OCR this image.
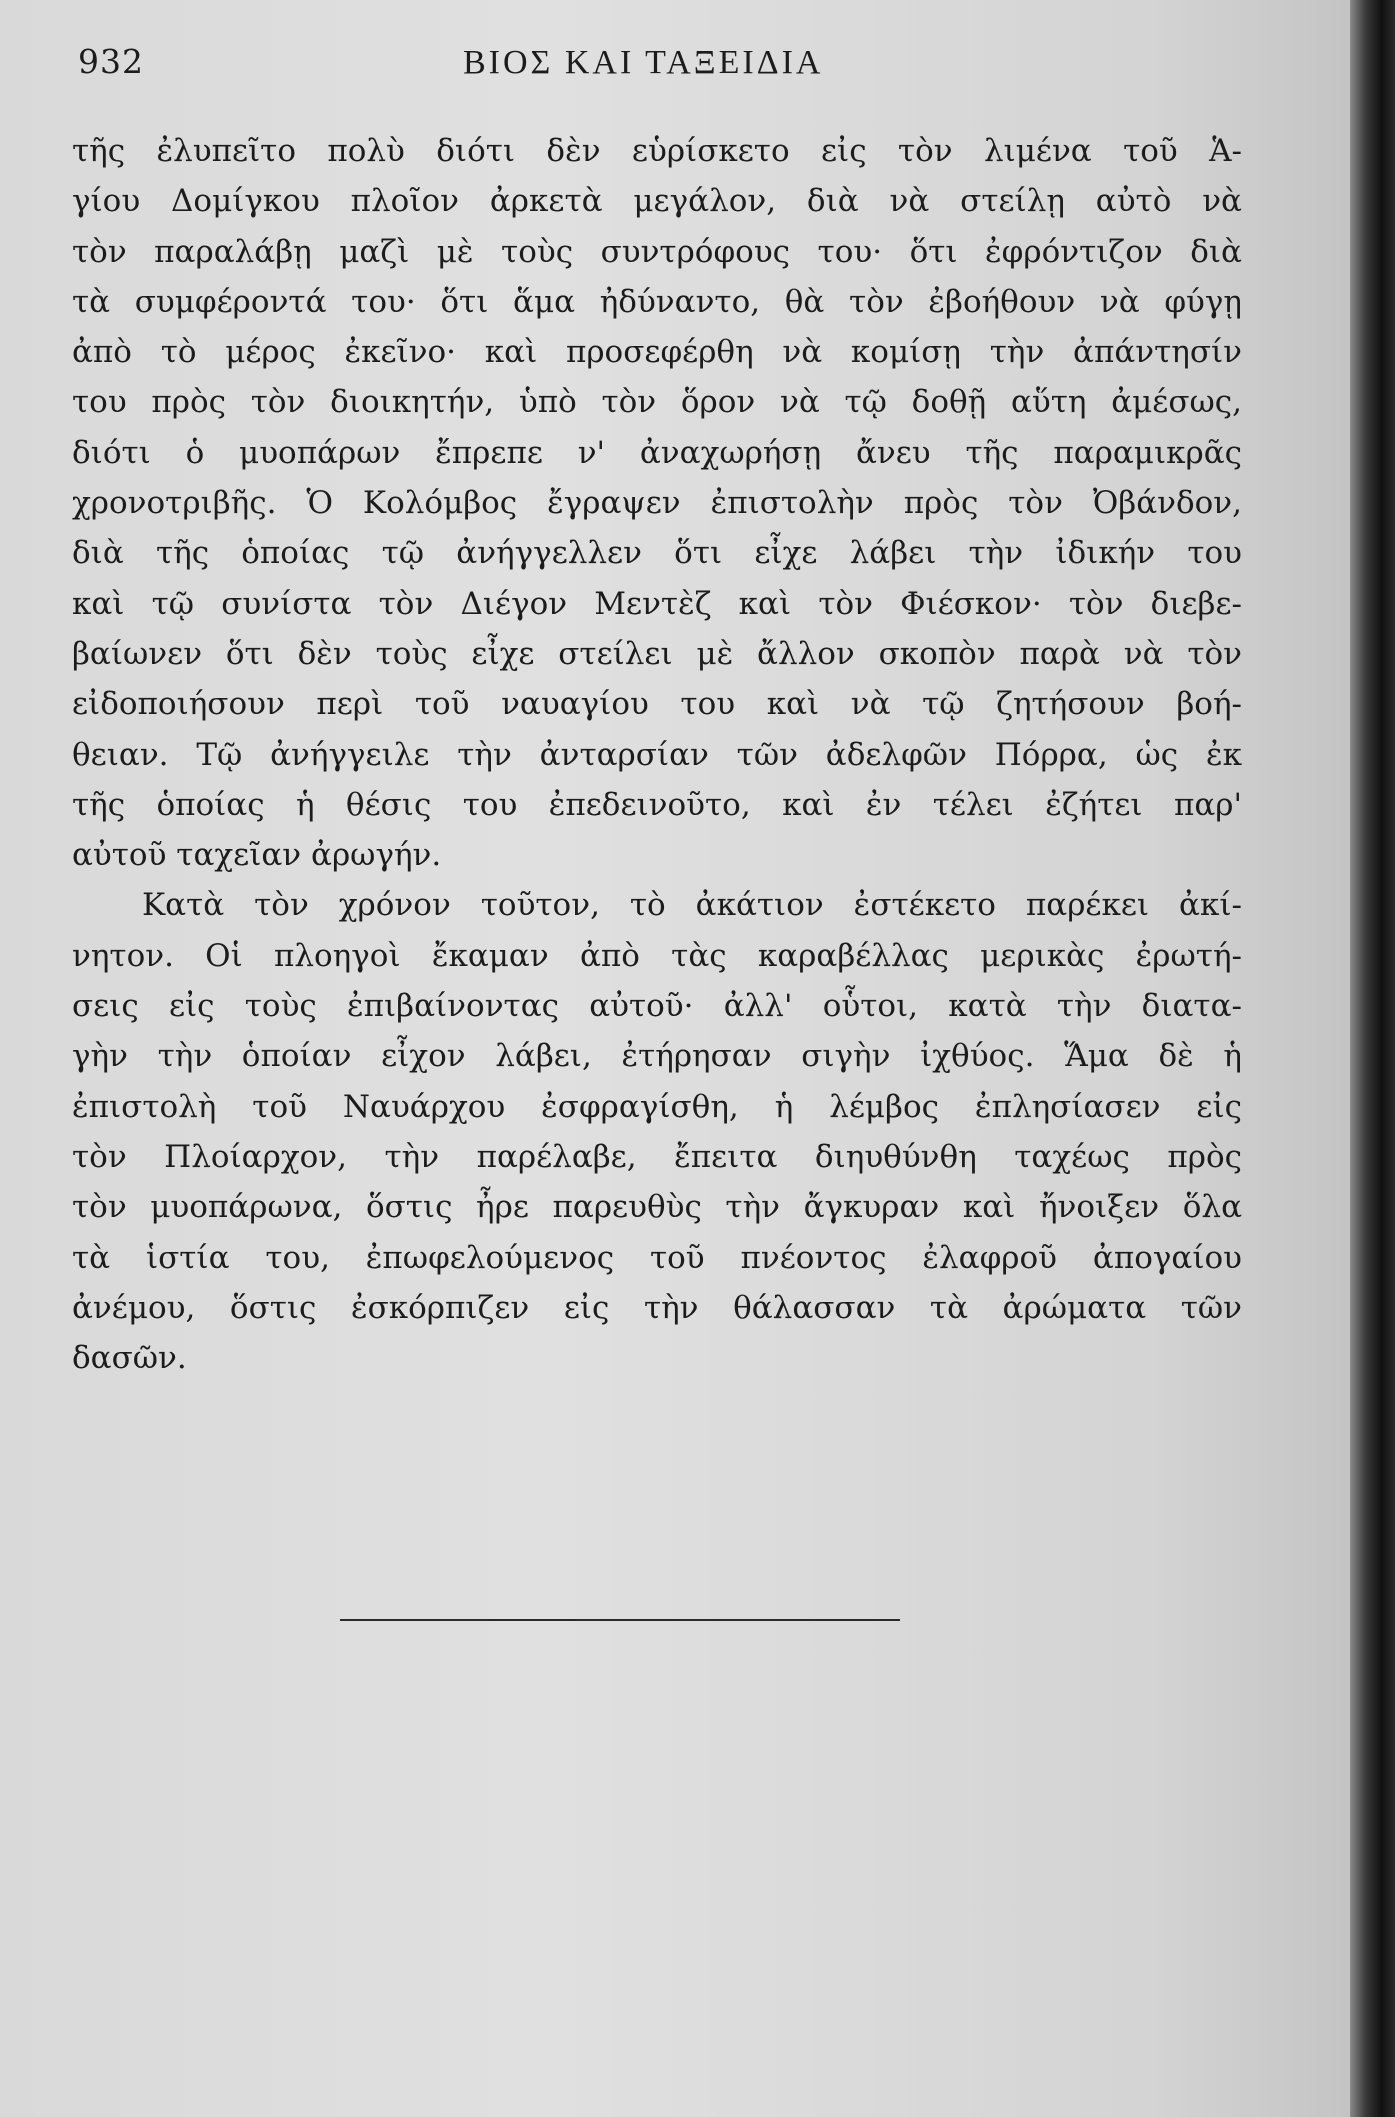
932	ΒΙΟΣ ΚΑΙ ΤΑΞΕΙΔΙΑ
τῆς ἐλυπεῖτο πολὺ διότι δὲν εὑρίσκετο εἰς τὸν λιμένα τοῦ Ἁ-
γίου Δομίγκου πλοῖον ἀρκετὰ μεγάλον, διὰ νὰ στείλῃ αὐτὸ νὰ
τὸν παραλάβῃ μαζὶ μὲ τοὺς συντρόφους του· ὅτι ἐφρόντιζον διὰ
τὰ συμφέροντά του· ὅτι ἅμα ἠδύναντο, θὰ τὸν ἐβοήθουν νὰ φύγῃ
ἀπὸ τὸ μέρος ἐκεῖνο· καὶ προσεφέρθη νὰ κομίσῃ τὴν ἀπάντησίν
του πρὸς τὸν διοικητήν, ὑπὸ τὸν ὅρον νὰ τῷ δοθῇ αὕτη ἀμέσως,
διότι ὁ μυοπάρων ἔπρεπε ν' ἀναχωρήσῃ ἄνευ τῆς παραμικρᾶς
χρονοτριβῆς. Ὁ Κολόμβος ἔγραψεν ἐπιστολὴν πρὸς τὸν Ὀβάνδον,
διὰ τῆς ὁποίας τῷ ἀνήγγελλεν ὅτι εἶχε λάβει τὴν ἰδικήν του
καὶ τῷ συνίστα τὸν Διέγον Μεντὲζ καὶ τὸν Φιέσκον· τὸν διεβε-
βαίωνεν ὅτι δὲν τοὺς εἶχε στείλει μὲ ἄλλον σκοπὸν παρὰ νὰ τὸν
εἰδοποιήσουν περὶ τοῦ ναυαγίου του καὶ νὰ τῷ ζητήσουν βοή-
θειαν. Τῷ ἀνήγγειλε τὴν ἀνταρσίαν τῶν ἀδελφῶν Πόρρα, ὡς ἐκ
τῆς ὁποίας ἡ θέσις του ἐπεδεινοῦτο, καὶ ἐν τέλει ἐζήτει παρ'
αὐτοῦ ταχεῖαν ἀρωγήν.
Κατὰ τὸν χρόνον τοῦτον, τὸ ἀκάτιον ἐστέκετο παρέκει ἀκί-
νητον. Οἱ πλοηγοὶ ἔκαμαν ἀπὸ τὰς καραβέλλας μερικὰς ἐρωτή-
σεις εἰς τοὺς ἐπιβαίνοντας αὐτοῦ· ἀλλ' οὗτοι, κατὰ τὴν διατα-
γὴν τὴν ὁποίαν εἶχον λάβει, ἐτήρησαν σιγὴν ἰχθύος. Ἅμα δὲ ἡ
ἐπιστολὴ τοῦ Ναυάρχου ἐσφραγίσθη, ἡ λέμβος ἐπλησίασεν εἰς
τὸν Πλοίαρχον, τὴν παρέλαβε, ἔπειτα διηυθύνθη ταχέως πρὸς
τὸν μυοπάρωνα, ὅστις ἦρε παρευθὺς τὴν ἄγκυραν καὶ ἤνοιξεν ὅλα
τὰ ἱστία του, ἐπωφελούμενος τοῦ πνέοντος ἐλαφροῦ ἀπογαίου
ἀνέμου, ὅστις ἐσκόρπιζεν εἰς τὴν θάλασσαν τὰ ἀρώματα τῶν
δασῶν.
